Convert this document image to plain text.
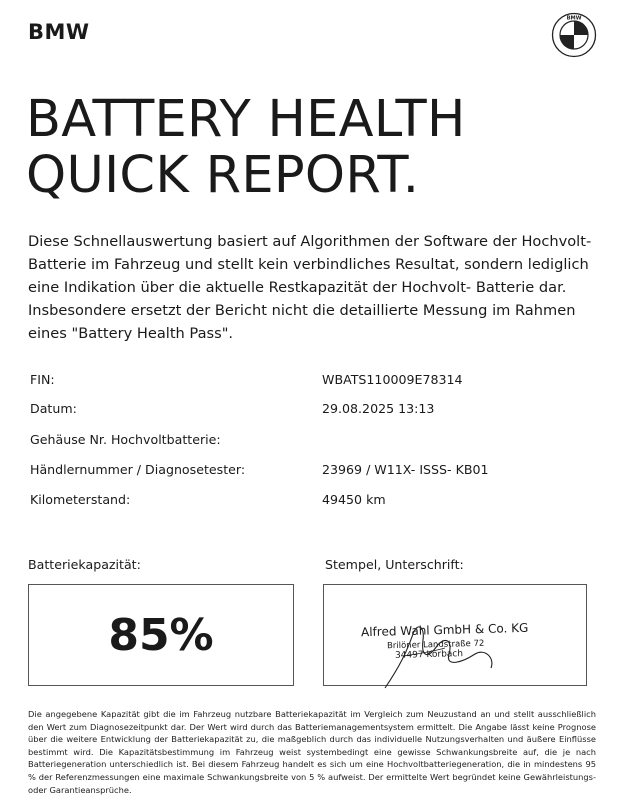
BMW
BMW
BATTERY HEALTH
QUICK REPORT.

Diese Schnellauswertung basiert auf Algorithmen der Software der Hochvolt- Batterie im Fahrzeug und stellt kein verbindliches Resultat, sondern lediglich eine Indikation über die aktuelle Restkapazität der Hochvolt- Batterie dar. Insbesondere ersetzt der Bericht nicht die detaillierte Messung im Rahmen eines "Battery Health Pass".

FIN:	WBATS110009E78314
Datum:	29.08.2025 13:13
Gehäuse Nr. Hochvoltbatterie:
Händlernummer / Diagnosetester:	23969 / W11X- ISSS- KB01
Kilometerstand:	49450 km
Batteriekapazität:
85%
Stempel, Unterschrift:
Alfred Wahl GmbH & Co. KG
Brilöner Landstraße 72
34497 Korbach

Die angegebene Kapazität gibt die im Fahrzeug nutzbare Batteriekapazität im Vergleich zum Neuzustand an und stellt ausschließlich den Wert zum Diagnosezeitpunkt dar. Der Wert wird durch das Batteriemanagementsystem ermittelt. Die Angabe lässt keine Prognose über die weitere Entwicklung der Batteriekapazität zu, die maßgeblich durch das individuelle Nutzungsverhalten und äußere Einflüsse bestimmt wird. Die Kapazitätsbestimmung im Fahrzeug weist systembedingt eine gewisse Schwankungsbreite auf, die je nach Batteriegeneration unterschiedlich ist. Bei diesem Fahrzeug handelt es sich um eine Hochvoltbatteriegeneration, die in mindestens 95 % der Referenzmessungen eine maximale Schwankungsbreite von 5 % aufweist. Der ermittelte Wert begründet keine Gewährleistungs- oder Garantieansprüche.
